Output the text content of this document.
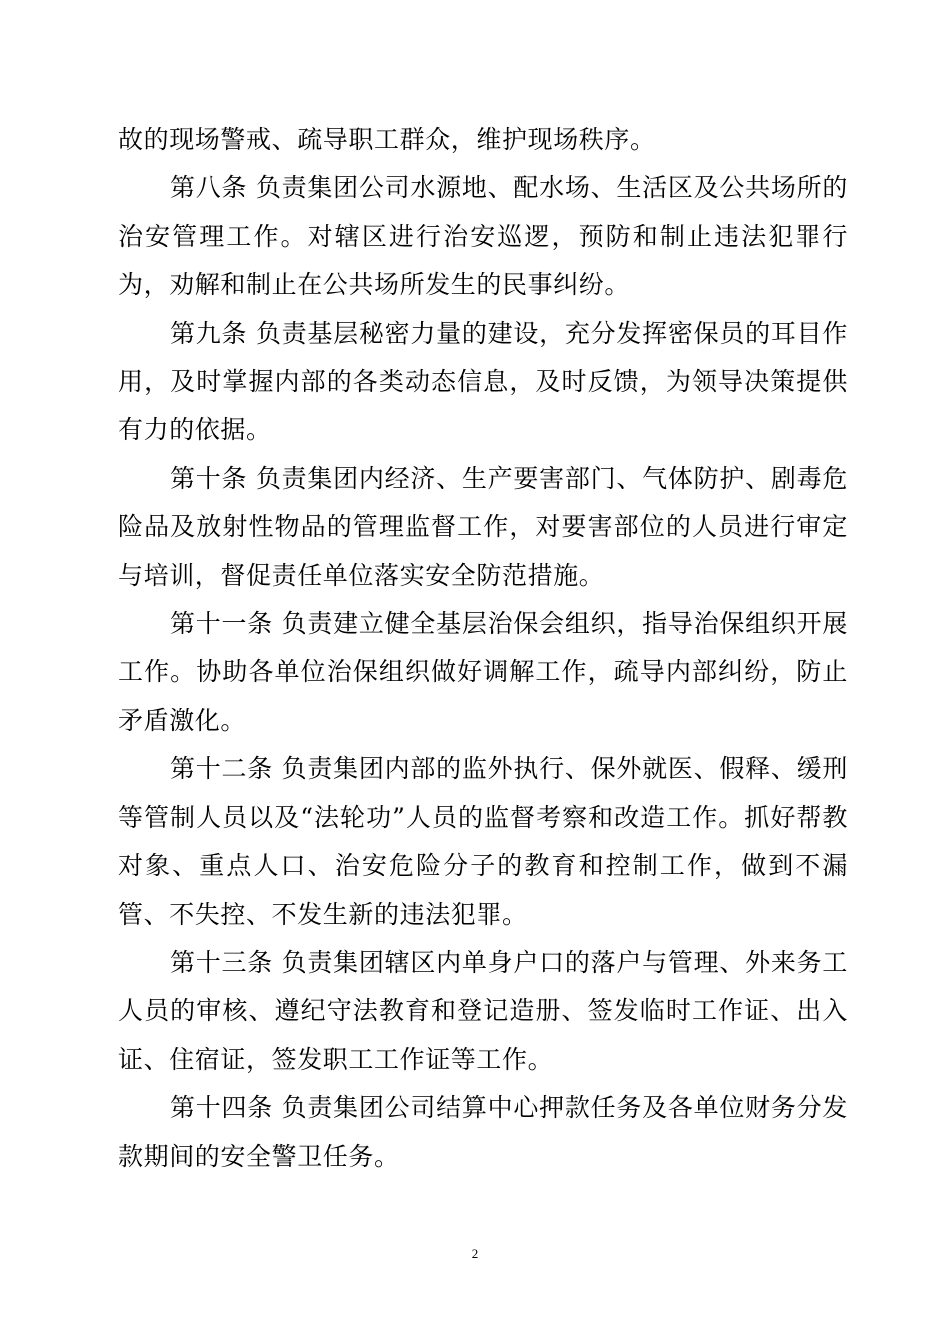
故的现场警戒、疏导职工群众，维护现场秩序。

第八条 负责集团公司水源地、配水场、生活区及公共场所的治安管理工作。对辖区进行治安巡逻，预防和制止违法犯罪行为，劝解和制止在公共场所发生的民事纠纷。

第九条 负责基层秘密力量的建设，充分发挥密保员的耳目作用，及时掌握内部的各类动态信息，及时反馈，为领导决策提供有力的依据。

第十条 负责集团内经济、生产要害部门、气体防护、剧毒危险品及放射性物品的管理监督工作，对要害部位的人员进行审定与培训，督促责任单位落实安全防范措施。

第十一条 负责建立健全基层治保会组织，指导治保组织开展工作。协助各单位治保组织做好调解工作，疏导内部纠纷，防止矛盾激化。

第十二条 负责集团内部的监外执行、保外就医、假释、缓刑等管制人员以及“法轮功”人员的监督考察和改造工作。抓好帮教对象、重点人口、治安危险分子的教育和控制工作，做到不漏管、不失控、不发生新的违法犯罪。

第十三条 负责集团辖区内单身户口的落户与管理、外来务工人员的审核、遵纪守法教育和登记造册、签发临时工作证、出入证、住宿证，签发职工工作证等工作。

第十四条 负责集团公司结算中心押款任务及各单位财务分发款期间的安全警卫任务。

2
